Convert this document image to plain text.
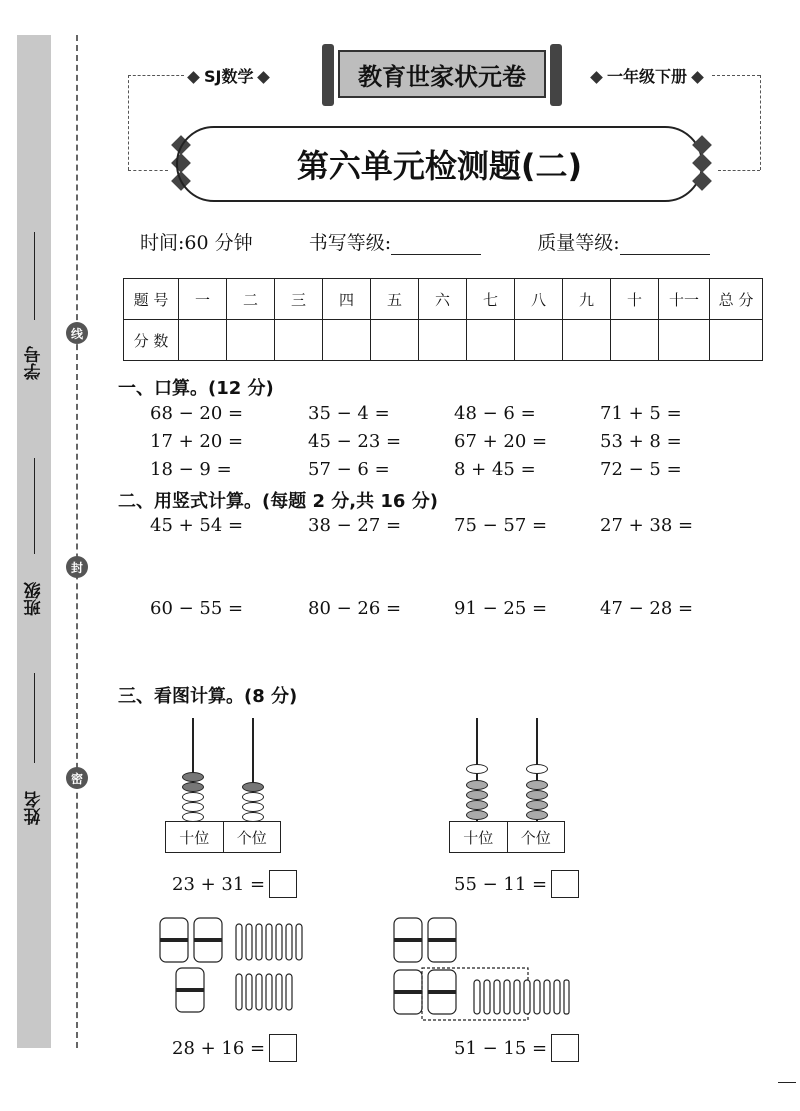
学号
班级
姓名
线
封
密
SJ数学	一年级下册
教育世家状元卷
第六单元检测题(二)
时间:60 分钟	书写等级:	质量等级:
题 号	一	二	三	四	五	六	七	八	九	十	十一	总 分
分 数												
一、口算。(12 分)
68 − 20 =	35 − 4 =	48 − 6 =	71 + 5 =
17 + 20 =	45 − 23 =	67 + 20 =	53 + 8 =
18 − 9 =	57 − 6 =	8 + 45 =	72 − 5 =
二、用竖式计算。(每题 2 分,共 16 分)
45 + 54 =	38 − 27 =	75 − 57 =	27 + 38 =
60 − 55 =	80 − 26 =	91 − 25 =	47 − 28 =
三、看图计算。(8 分)
十位	个位	十位	个位
23 + 31 =	55 − 11 =
28 + 16 =	51 − 15 =
